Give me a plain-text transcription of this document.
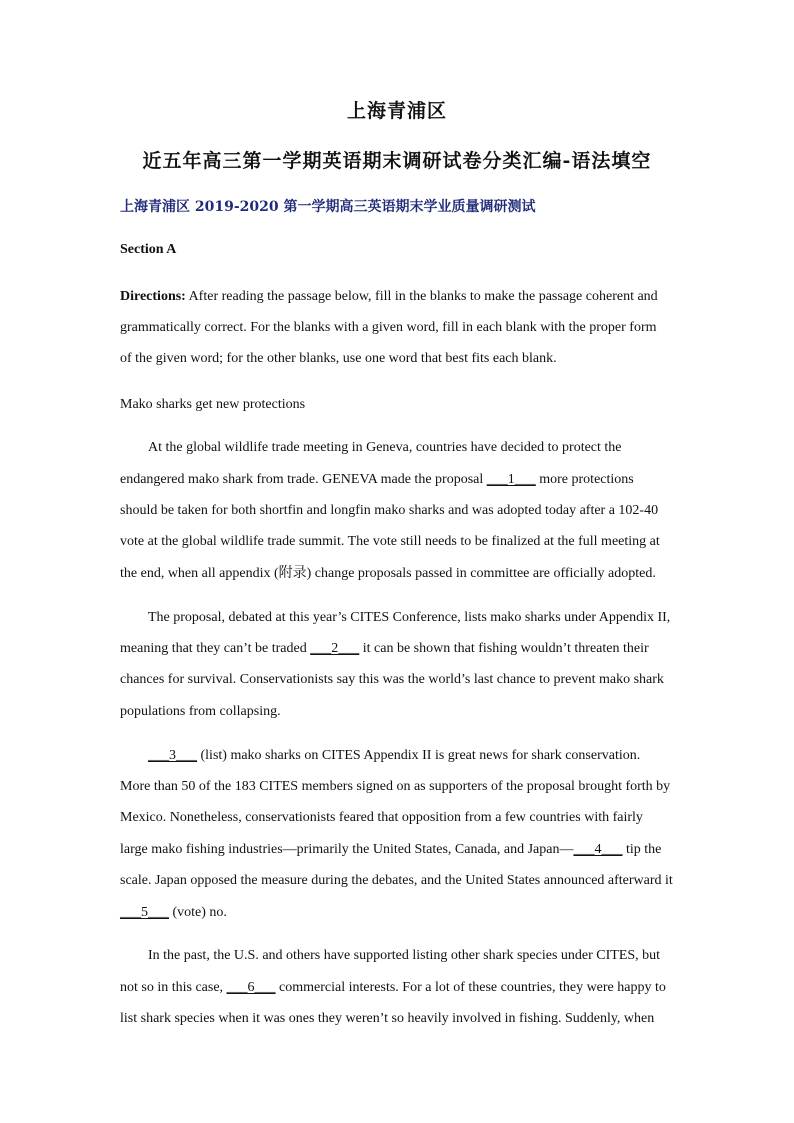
上海青浦区
近五年高三第一学期英语期末调研试卷分类汇编-语法填空
上海青浦区 2019-2020 第一学期高三英语期末学业质量调研测试
Section A
Directions: After reading the passage below, fill in the blanks to make the passage coherent and
grammatically correct. For the blanks with a given word, fill in each blank with the proper form
of the given word; for the other blanks, use one word that best fits each blank.
Mako sharks get new protections
At the global wildlife trade meeting in Geneva, countries have decided to protect the
endangered mako shark from trade. GENEVA made the proposal ___1___ more protections
should be taken for both shortfin and longfin mako sharks and was adopted today after a 102-40
vote at the global wildlife trade summit. The vote still needs to be finalized at the full meeting at
the end, when all appendix (附录) change proposals passed in committee are officially adopted.
The proposal, debated at this year’s CITES Conference, lists mako sharks under Appendix II,
meaning that they can’t be traded ___2___ it can be shown that fishing wouldn’t threaten their
chances for survival. Conservationists say this was the world’s last chance to prevent mako shark
populations from collapsing.
___3___ (list) mako sharks on CITES Appendix II is great news for shark conservation.
More than 50 of the 183 CITES members signed on as supporters of the proposal brought forth by
Mexico. Nonetheless, conservationists feared that opposition from a few countries with fairly
large mako fishing industries—primarily the United States, Canada, and Japan—___4___ tip the
scale. Japan opposed the measure during the debates, and the United States announced afterward it
___5___ (vote) no.
In the past, the U.S. and others have supported listing other shark species under CITES, but
not so in this case, ___6___ commercial interests. For a lot of these countries, they were happy to
list shark species when it was ones they weren’t so heavily involved in fishing. Suddenly, when
